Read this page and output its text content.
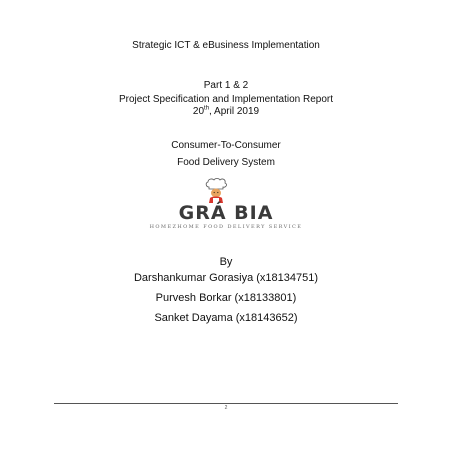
Strategic ICT & eBusiness Implementation
Part 1 & 2
Project Specification and Implementation Report
20th, April 2019
Consumer-To-Consumer
Food Delivery System
GRÁ BIA
HOMEZHOME FOOD DELIVERY SERVICE
By
Darshankumar Gorasiya (x18134751)
Purvesh Borkar (x18133801)
Sanket Dayama (x18143652)
2
